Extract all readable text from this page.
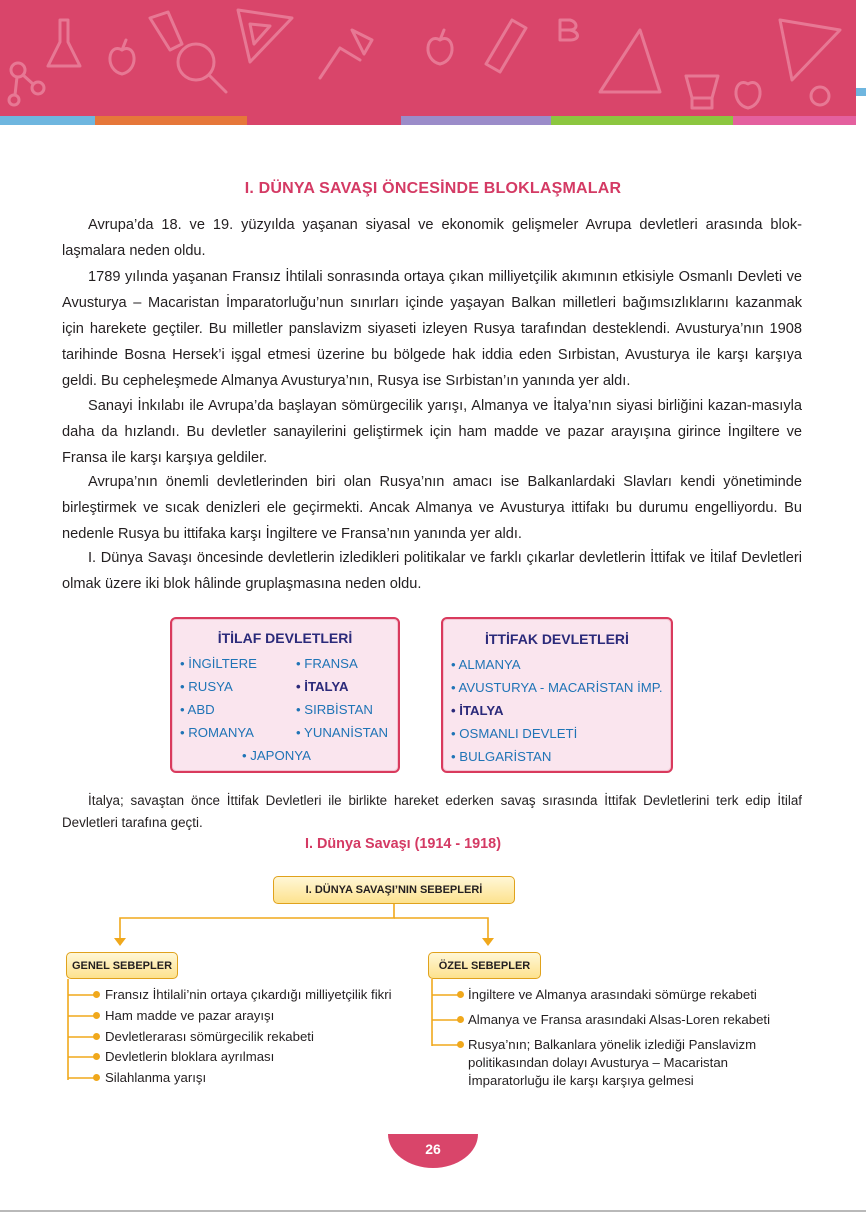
I. DÜNYA SAVAŞI ÖNCESİNDE BLOKLAŞMALAR

Avrupa’da 18. ve 19. yüzyılda yaşanan siyasal ve ekonomik gelişmeler Avrupa devletleri arasında blok-laşmalara neden oldu.

1789 yılında yaşanan Fransız İhtilali sonrasında ortaya çıkan milliyetçilik akımının etkisiyle Osmanlı Devleti ve Avusturya – Macaristan İmparatorluğu’nun sınırları içinde yaşayan Balkan milletleri bağımsızlıklarını kazanmak için harekete geçtiler. Bu milletler panslavizm siyaseti izleyen Rusya tarafından desteklendi. Avusturya’nın 1908 tarihinde Bosna Hersek’i işgal etmesi üzerine bu bölgede hak iddia eden Sırbistan, Avusturya ile karşı karşıya geldi. Bu cepheleşmede Almanya Avusturya’nın, Rusya ise Sırbistan’ın yanında yer aldı.

Sanayi İnkılabı ile Avrupa’da başlayan sömürgecilik yarışı, Almanya ve İtalya’nın siyasi birliğini kazan-masıyla daha da hızlandı. Bu devletler sanayilerini geliştirmek için ham madde ve pazar arayışına girince İngiltere ve Fransa ile karşı karşıya geldiler.

Avrupa’nın önemli devletlerinden biri olan Rusya’nın amacı ise Balkanlardaki Slavları kendi yönetiminde birleştirmek ve sıcak denizleri ele geçirmekti. Ancak Almanya ve Avusturya ittifakı bu durumu engelliyordu. Bu nedenle Rusya bu ittifaka karşı İngiltere ve Fransa’nın yanında yer aldı.

I. Dünya Savaşı öncesinde devletlerin izledikleri politikalar ve farklı çıkarlar devletlerin İttifak ve İtilaf Devletleri olmak üzere iki blok hâlinde gruplaşmasına neden oldu.

İTİLAF DEVLETLERİ
• İNGİLTERE
• RUSYA
• ABD
• ROMANYA
• FRANSA
• İTALYA
• SIRBİSTAN
• YUNANİSTAN
• JAPONYA
İTTİFAK DEVLETLERİ
• ALMANYA
• AVUSTURYA - MACARİSTAN İMP.
• İTALYA
• OSMANLI DEVLETİ
• BULGARİSTAN

İtalya; savaştan önce İttifak Devletleri ile birlikte hareket ederken savaş sırasında İttifak Devletlerini terk edip İtilaf Devletleri tarafına geçti.

I. Dünya Savaşı (1914 - 1918)
I. DÜNYA SAVAŞI’NIN SEBEPLERİ
GENEL SEBEPLER	ÖZEL SEBEPLER
Fransız İhtilali’nin ortaya çıkardığı milliyetçilik fikri
Ham madde ve pazar arayışı
Devletlerarası sömürgecilik rekabeti
Devletlerin bloklara ayrılması
Silahlanma yarışı
İngiltere ve Almanya arasındaki sömürge rekabeti
Almanya ve Fransa arasındaki Alsas-Loren rekabeti
Rusya’nın; Balkanlara yönelik izlediği Panslavizm
politikasından dolayı Avusturya – Macaristan
İmparatorluğu ile karşı karşıya gelmesi
26
